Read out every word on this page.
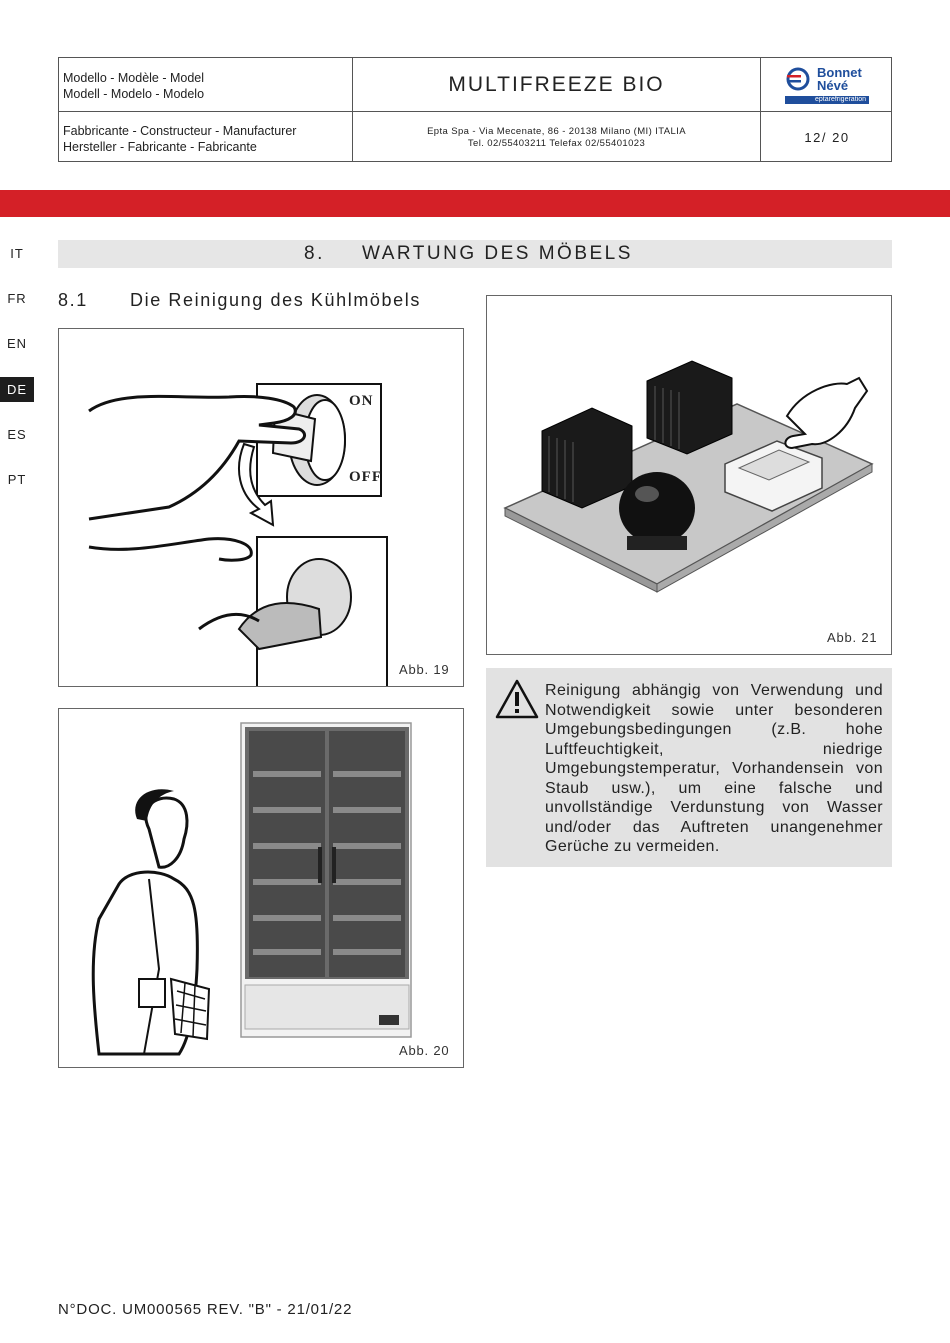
Modello - Modèle - Model
Modell - Modelo - Modelo	MULTIFREEZE BIO
Bonnet
Névé
eptarefrigeration
Fabbricante - Constructeur - Manufacturer
Hersteller - Fabricante - Fabricante
Epta Spa - Via Mecenate, 86 - 20138 Milano (MI) ITALIA
Tel. 02/55403211 Telefax 02/55401023	12/ 20
IT
FR
EN
DE
ES
PT
8. WARTUNG DES MÖBELS
8.1 Die Reinigung des Kühlmöbels
ON
OFF
Abb. 19
Abb. 20
Abb. 21
Reinigung abhängig von Verwendung und Notwendigkeit sowie unter besonderen Umgebungsbedingungen (z.B. hohe Luftfeuchtigkeit, niedrige Umgebungstemperatur, Vorhandensein von Staub usw.), um eine falsche und unvollständige Verdunstung von Wasser und/oder das Auftreten unangenehmer Gerüche zu vermeiden.
N°DOC. UM000565 REV. "B" - 21/01/22
